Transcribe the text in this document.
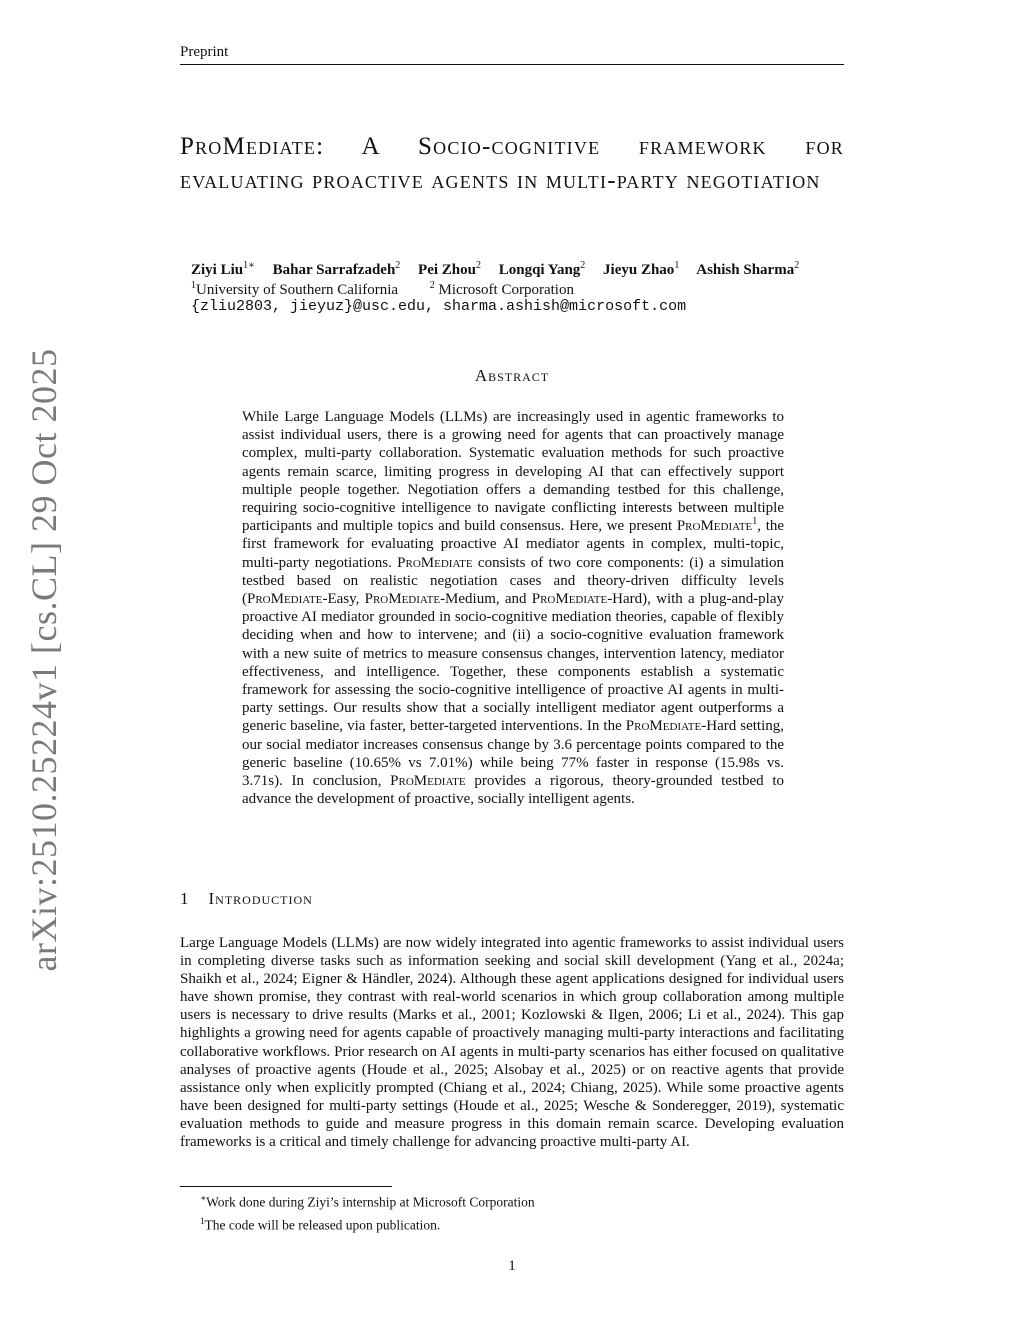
Preprint
arXiv:2510.25224v1 [cs.CL] 29 Oct 2025
ProMediate: A Socio-cognitive framework for evaluating proactive agents in multi-party negotiation
Ziyi Liu$^{1∗}$ Bahar Sarrafzadeh$^2$ Pei Zhou$^2$ Longqi Yang$^2$ Jieyu Zhao$^1$ Ashish Sharma$^2$
$^1$University of Southern California	$^2$ Microsoft Corporation
{zliu2803, jieyuz}@usc.edu, sharma.ashish@microsoft.com
Abstract
While Large Language Models (LLMs) are increasingly used in agentic frameworks to assist individual users, there is a growing need for agents that can proactively manage complex, multi-party collaboration. Systematic evaluation methods for such proactive agents remain scarce, limiting progress in developing AI that can effectively support multiple people together. Negotiation offers a demanding testbed for this challenge, requiring socio-cognitive intelligence to navigate conflicting interests between multiple participants and multiple topics and build consensus. Here, we present ProMediate$^1$, the first framework for evaluating proactive AI mediator agents in complex, multi-topic, multi-party negotiations. ProMediate consists of two core components: (i) a simulation testbed based on realistic negotiation cases and theory-driven difficulty levels (ProMediate-Easy, ProMediate-Medium, and ProMediate-Hard), with a plug-and-play proactive AI mediator grounded in socio-cognitive mediation theories, capable of flexibly deciding when and how to intervene; and (ii) a socio-cognitive evaluation framework with a new suite of metrics to measure consensus changes, intervention latency, mediator effectiveness, and intelligence. Together, these components establish a systematic framework for assessing the socio-cognitive intelligence of proactive AI agents in multi-party settings. Our results show that a socially intelligent mediator agent outperforms a generic baseline, via faster, better-targeted interventions. In the ProMediate-Hard setting, our social mediator increases consensus change by 3.6 percentage points compared to the generic baseline (10.65% vs 7.01%) while being 77% faster in response (15.98s vs. 3.71s). In conclusion, ProMediate provides a rigorous, theory-grounded testbed to advance the development of proactive, socially intelligent agents.
1 Introduction
Large Language Models (LLMs) are now widely integrated into agentic frameworks to assist individual users in completing diverse tasks such as information seeking and social skill development (Yang et al., 2024a; Shaikh et al., 2024; Eigner & Händler, 2024). Although these agent applications designed for individual users have shown promise, they contrast with real-world scenarios in which group collaboration among multiple users is necessary to drive results (Marks et al., 2001; Kozlowski & Ilgen, 2006; Li et al., 2024). This gap highlights a growing need for agents capable of proactively managing multi-party interactions and facilitating collaborative workflows. Prior research on AI agents in multi-party scenarios has either focused on qualitative analyses of proactive agents (Houde et al., 2025; Alsobay et al., 2025) or on reactive agents that provide assistance only when explicitly prompted (Chiang et al., 2024; Chiang, 2025). While some proactive agents have been designed for multi-party settings (Houde et al., 2025; Wesche & Sonderegger, 2019), systematic evaluation methods to guide and measure progress in this domain remain scarce. Developing evaluation frameworks is a critical and timely challenge for advancing proactive multi-party AI.
∗Work done during Ziyi’s internship at Microsoft Corporation
$^1$The code will be released upon publication.
1
